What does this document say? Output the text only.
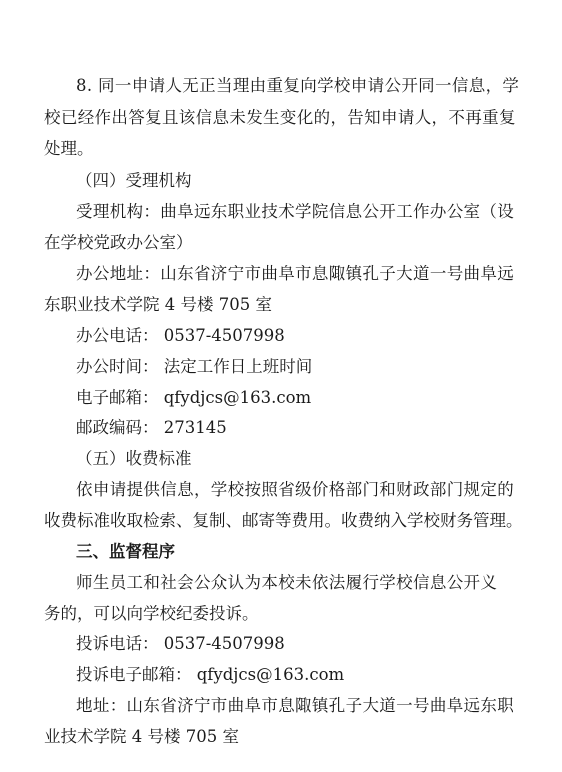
8. 同一申请人无正当理由重复向学校申请公开同一信息，学
校已经作出答复且该信息未发生变化的，告知申请人，不再重复
处理。
（四）受理机构
受理机构：曲阜远东职业技术学院信息公开工作办公室（设
在学校党政办公室）
办公地址：山东省济宁市曲阜市息陬镇孔子大道一号曲阜远
东职业技术学院 4 号楼 705 室
办公电话： 0537-4507998
办公时间： 法定工作日上班时间
电子邮箱： qfydjcs@163.com
邮政编码： 273145
（五）收费标准
依申请提供信息，学校按照省级价格部门和财政部门规定的
收费标准收取检索、复制、邮寄等费用。收费纳入学校财务管理。
三、监督程序
师生员工和社会公众认为本校未依法履行学校信息公开义
务的，可以向学校纪委投诉。
投诉电话： 0537-4507998
投诉电子邮箱： qfydjcs@163.com
地址：山东省济宁市曲阜市息陬镇孔子大道一号曲阜远东职
业技术学院 4 号楼 705 室
